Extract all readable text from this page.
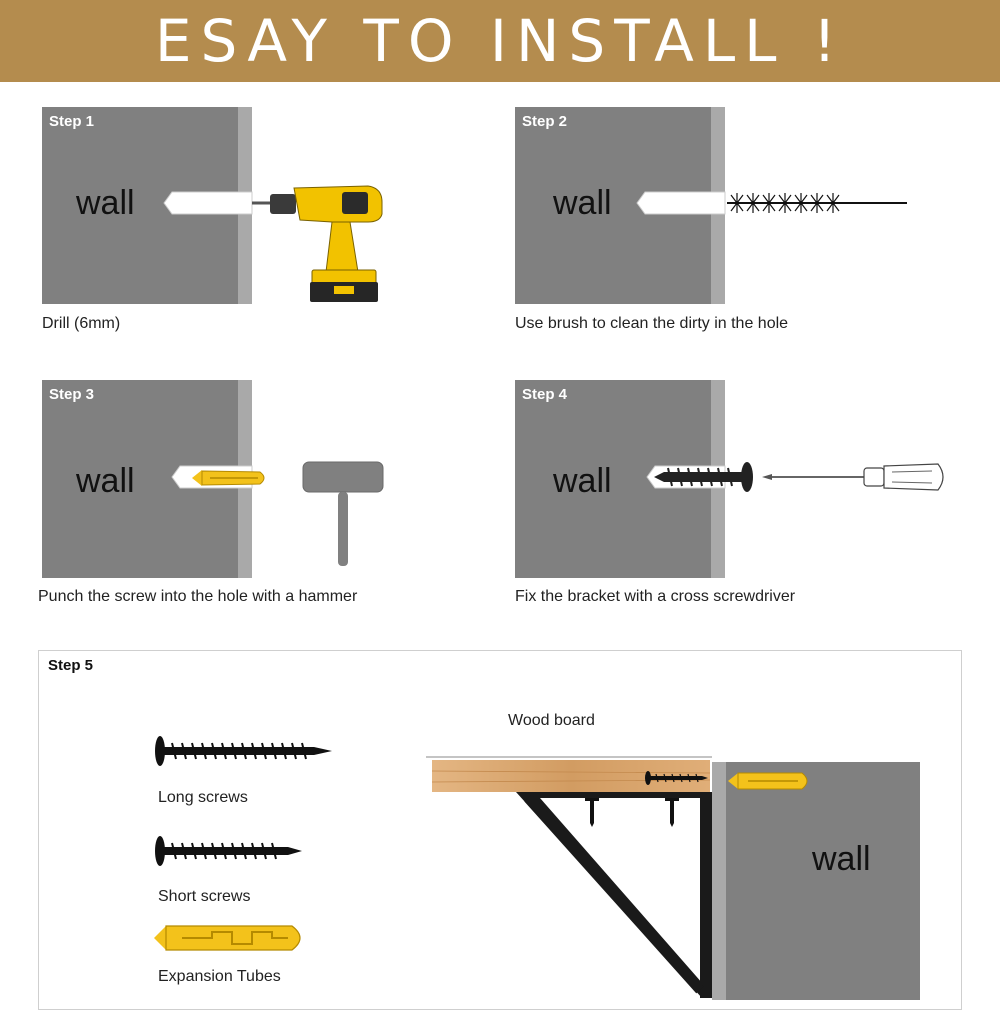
ESAY TO INSTALL !
Step 1
wall
Drill (6mm)
Step 2
wall
Use brush to clean the dirty in the hole
Step 3
wall
Punch the screw into the hole with a hammer
Step 4
wall
Fix the bracket with a cross screwdriver
Step 5
Long screws
Short screws
Expansion Tubes
Wood board
wall
